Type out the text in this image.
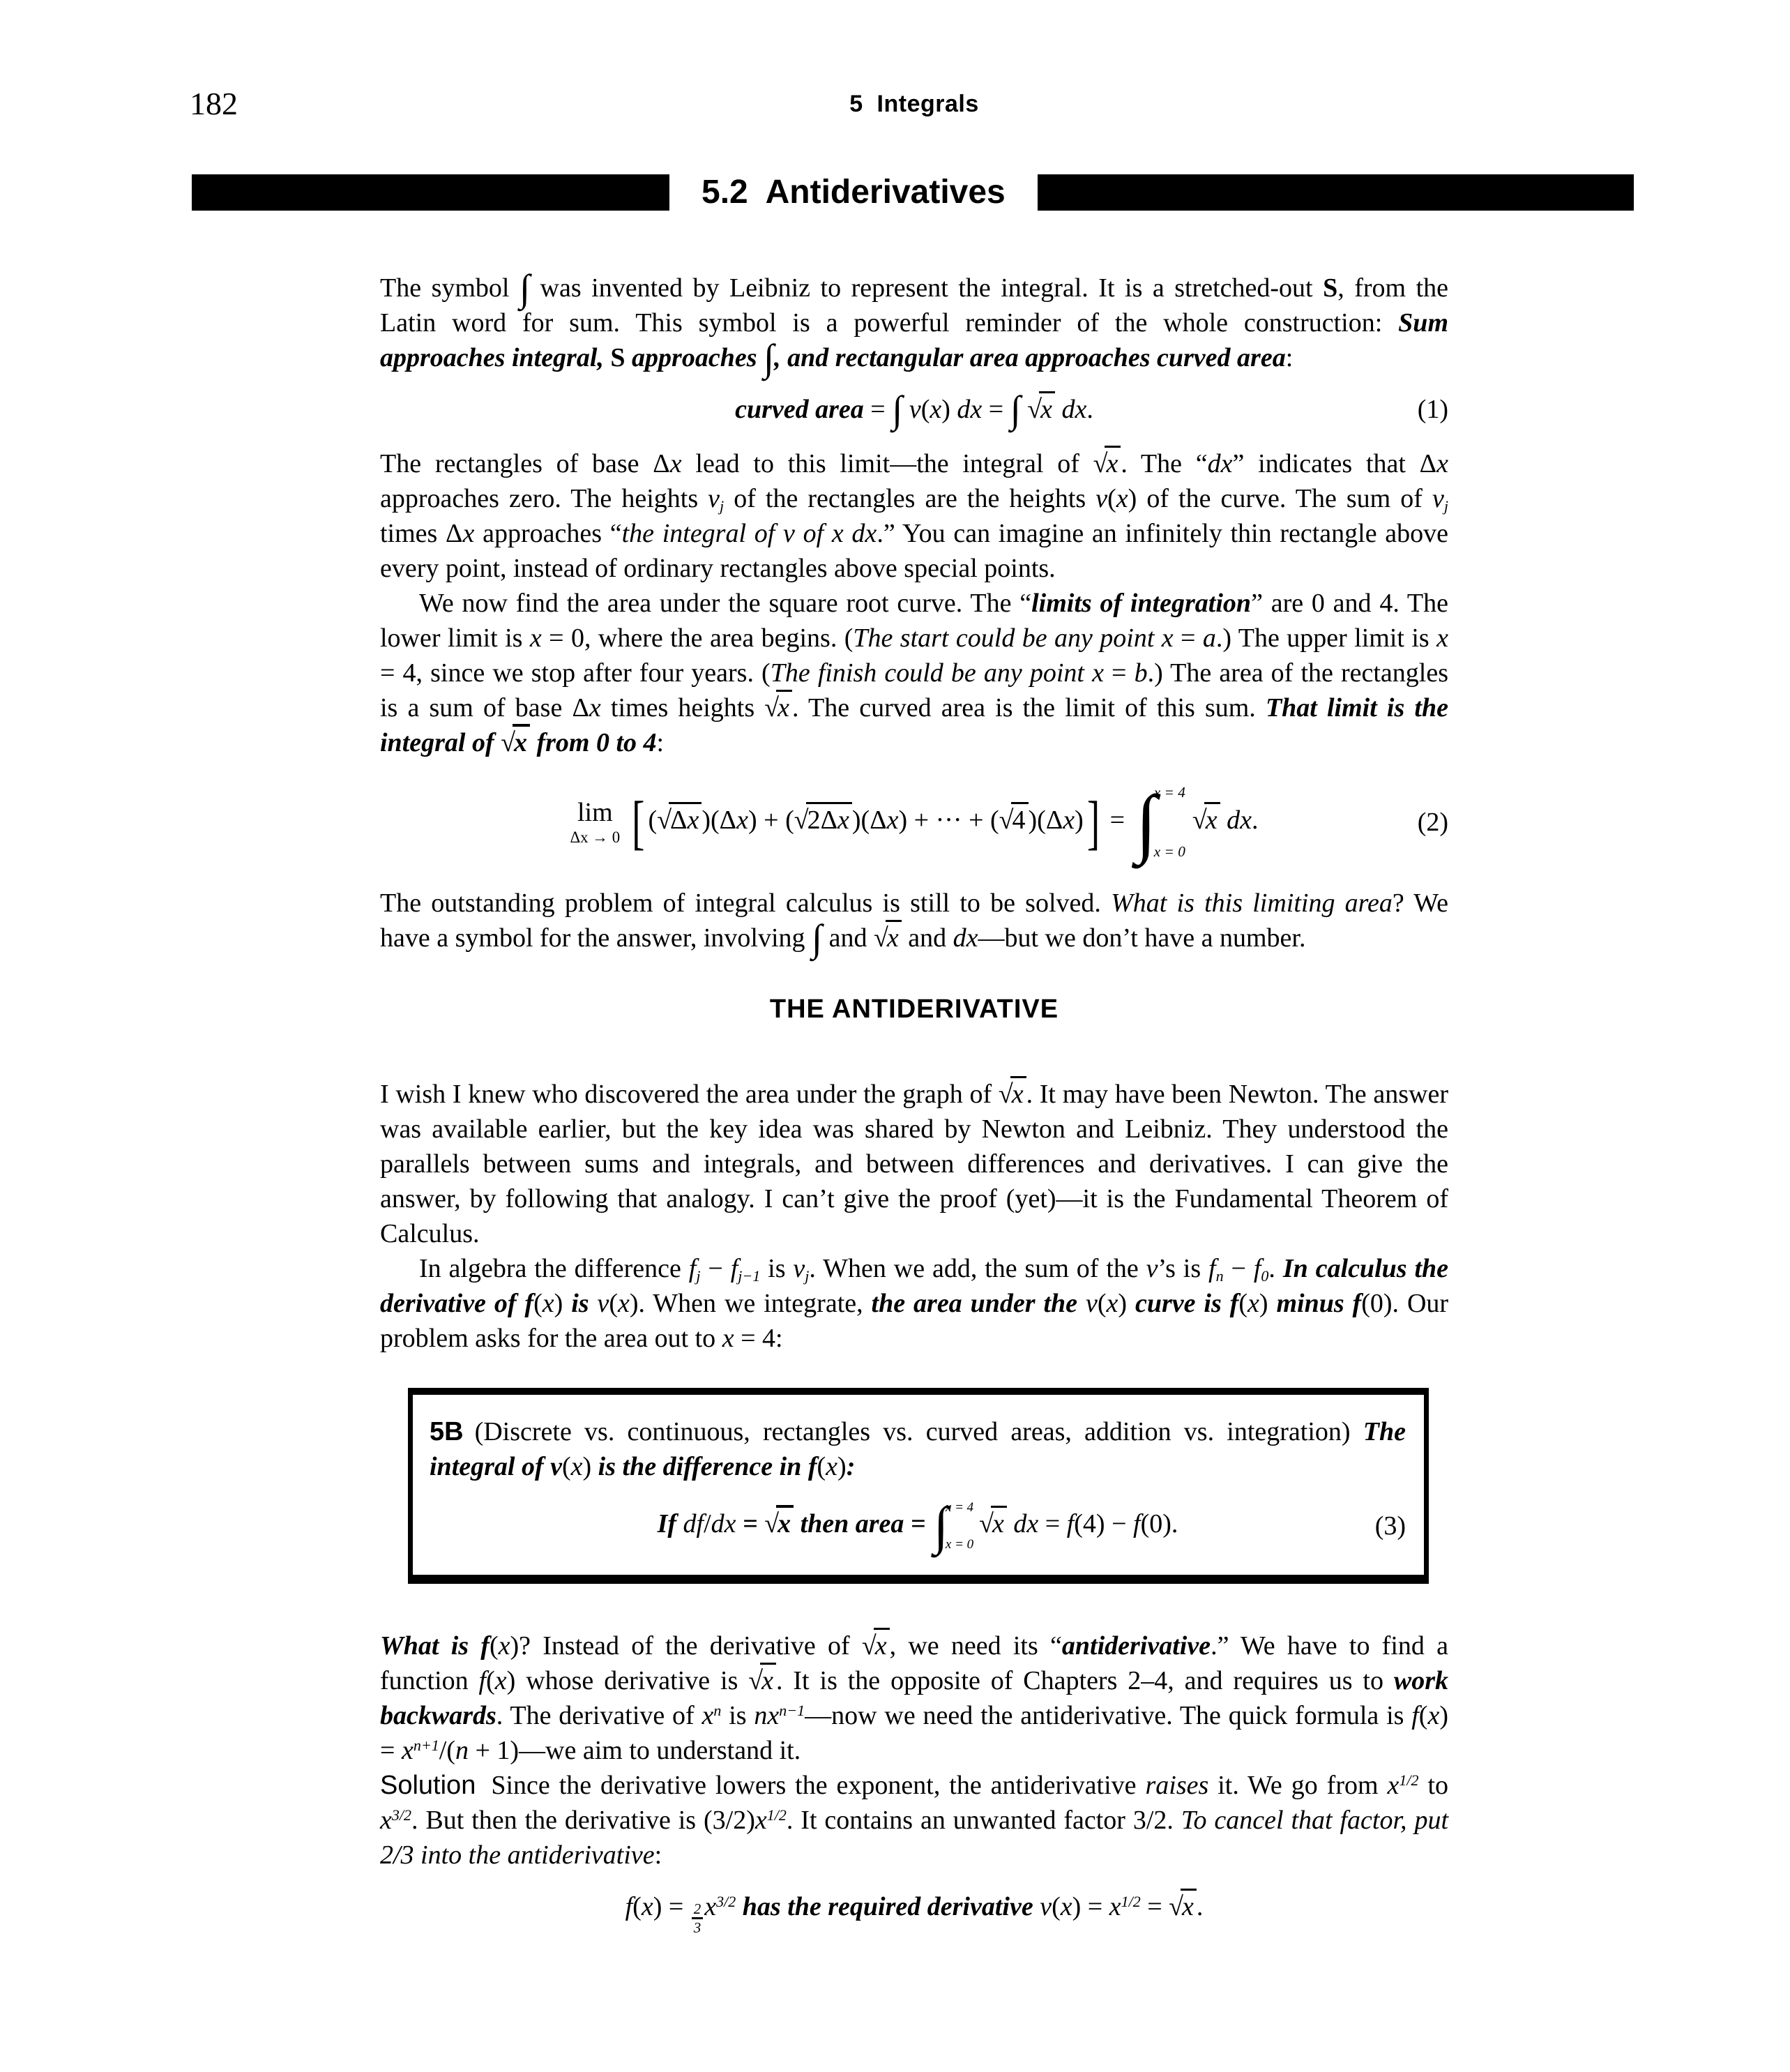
182	5  Integrals
5.2  Antiderivatives

The symbol ∫ was invented by Leibniz to represent the integral. It is a stretched-out S, from the Latin word for sum. This symbol is a powerful reminder of the whole construction: Sum approaches integral, S approaches ∫, and rectangular area approaches curved area:

curved area = ∫ v(x) dx = ∫ √x dx.	(1)

The rectangles of base Δx lead to this limit—the integral of √x . The “dx” indicates that Δx approaches zero. The heights vj of the rectangles are the heights v(x) of the curve. The sum of vj times Δx approaches “the integral of v of x dx.” You can imagine an infinitely thin rectangle above every point, instead of ordinary rectangles above special points.

We now find the area under the square root curve. The “limits of integration” are 0 and 4. The lower limit is x = 0, where the area begins. (The start could be any point x = a.) The upper limit is x = 4, since we stop after four years. (The finish could be any point x = b.) The area of the rectangles is a sum of base Δx times heights √x . The curved area is the limit of this sum. That limit is the integral of √x from 0 to 4:

lim
Δx → 0 [ (√Δx )(Δx) + (√2Δx )(Δx) + ··· + (√4 )(Δx)] = ∫
x = 4
x = 0
√x dx.	(2)

The outstanding problem of integral calculus is still to be solved. What is this limiting area? We have a symbol for the answer, involving ∫ and √x and dx—but we don’t have a number.

THE ANTIDERIVATIVE

I wish I knew who discovered the area under the graph of √x . It may have been Newton. The answer was available earlier, but the key idea was shared by Newton and Leibniz. They understood the parallels between sums and integrals, and between differences and derivatives. I can give the answer, by following that analogy. I can’t give the proof (yet)—it is the Fundamental Theorem of Calculus.

In algebra the difference fj − fj−1 is vj. When we add, the sum of the v’s is fn − f0. In calculus the derivative of f(x) is v(x). When we integrate, the area under the v(x) curve is f(x) minus f(0). Our problem asks for the area out to x = 4:

5B (Discrete vs. continuous, rectangles vs. curved areas, addition vs. integration) The integral of v(x) is the difference in f(x):

If df/dx = √x then area = ∫
x = 4
x = 0
√x dx = f(4) − f(0).	(3)

What is f(x)? Instead of the derivative of √x , we need its “antiderivative.” We have to find a function f(x) whose derivative is √x . It is the opposite of Chapters 2–4, and requires us to work backwards. The derivative of $x^n$ is $nx^{n-1}—now$ we need the antiderivative. The quick formula is $f(x) = x^{n+1}/(n$ + 1)—we aim to understand it.

Solution Since the derivative lowers the exponent, the antiderivative raises it. We go from $x^{1/2}$ to $x^{3/2}$. But then the derivative is $(3/2)x^{1/2}$. It contains an unwanted factor 3/2. To cancel that factor, put 2/3 into the antiderivative:

$f(x) = \frac{2}{3} x^{3/2}$ has the required derivative $v(x) = x^{1/2} = √x$ .
